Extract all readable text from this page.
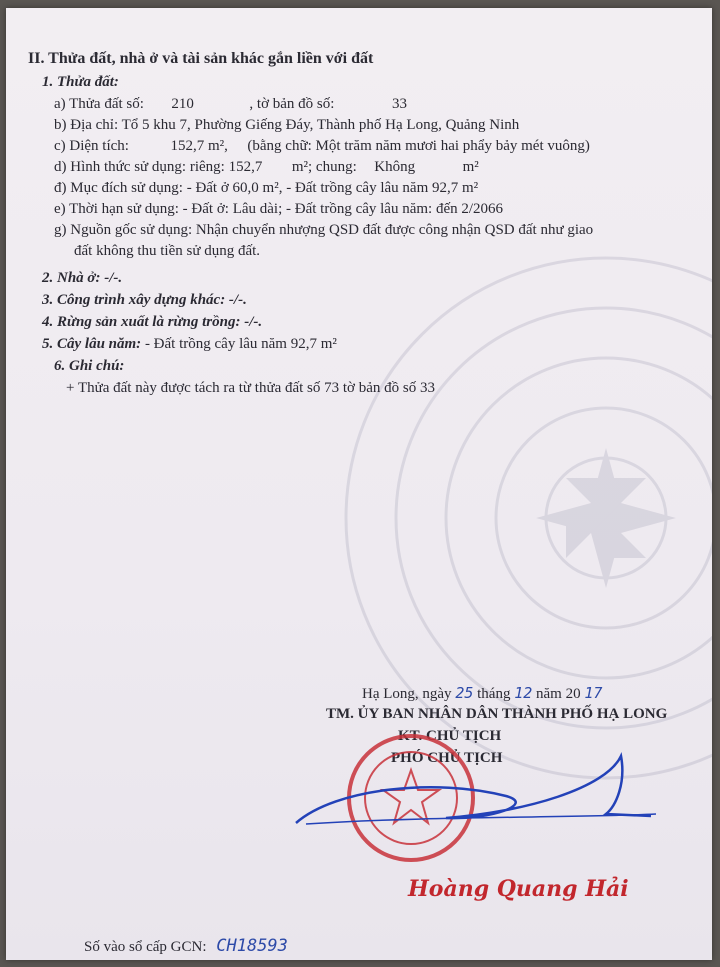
II. Thửa đất, nhà ở và tài sản khác gắn liền với đất
1. Thửa đất:
a) Thửa đất số: 210	, tờ bản đồ số:	33
b) Địa chỉ: Tổ 5 khu 7, Phường Giếng Đáy, Thành phố Hạ Long, Quảng Ninh
c) Diện tích:	152,7 m², (bằng chữ: Một trăm năm mươi hai phẩy bảy mét vuông)
d) Hình thức sử dụng: riêng: 152,7 m²; chung: Không	m²
đ) Mục đích sử dụng: - Đất ở 60,0 m², - Đất trồng cây lâu năm 92,7 m²
e) Thời hạn sử dụng: - Đất ở: Lâu dài; - Đất trồng cây lâu năm: đến 2/2066
g) Nguồn gốc sử dụng: Nhận chuyển nhượng QSD đất được công nhận QSD đất như giao
đất không thu tiền sử dụng đất.
2. Nhà ở: -/-.
3. Công trình xây dựng khác: -/-.
4. Rừng sản xuất là rừng trồng: -/-.
5. Cây lâu năm: - Đất trồng cây lâu năm 92,7 m²
6. Ghi chú:
+ Thửa đất này được tách ra từ thửa đất số 73 tờ bản đồ số 33
Hạ Long, ngày 25 tháng 12 năm 20 17
TM. ỦY BAN NHÂN DÂN THÀNH PHỐ HẠ LONG
KT. CHỦ TỊCH
PHÓ CHỦ TỊCH
Hoàng Quang Hải
Số vào sổ cấp GCN: CH18593
